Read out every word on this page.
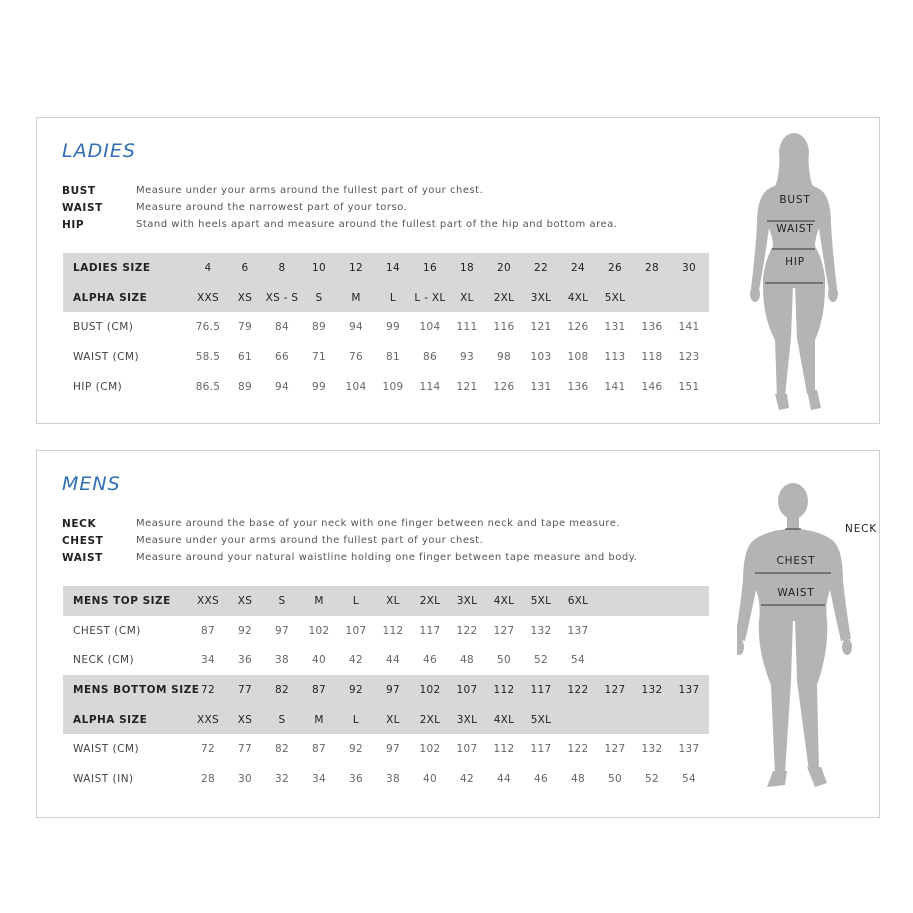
LADIES
BUST	Measure under your arms around the fullest part of your chest.
WAIST	Measure around the narrowest part of your torso.
HIP	Stand with heels apart and measure around the fullest part of the hip and bottom area.
LADIES SIZE	4	6	8	10	12	14	16	18	20	22	24	26	28	30
ALPHA SIZE	XXS	XS	XS - S	S	M	L	L - XL	XL	2XL	3XL	4XL	5XL
BUST (CM)	76.5	79	84	89	94	99	104	111	116	121	126	131	136	141
WAIST (CM)	58.5	61	66	71	76	81	86	93	98	103	108	113	118	123
HIP (CM)	86.5	89	94	99	104	109	114	121	126	131	136	141	146	151
BUST
WAIST
HIP
MENS
NECK	Measure around the base of your neck with one finger between neck and tape measure.
CHEST	Measure under your arms around the fullest part of your chest.
WAIST	Measure around your natural waistline holding one finger between tape measure and body.
MENS TOP SIZE	XXS	XS	S	M	L	XL	2XL	3XL	4XL	5XL	6XL
CHEST (CM)	87	92	97	102	107	112	117	122	127	132	137
NECK (CM)	34	36	38	40	42	44	46	48	50	52	54
MENS BOTTOM SIZE 72	77	82	87	92	97	102	107	112	117	122	127	132	137
ALPHA SIZE	XXS	XS	S	M	L	XL	2XL	3XL	4XL	5XL
WAIST (CM)	72	77	82	87	92	97	102	107	112	117	122	127	132	137
WAIST (IN)	28	30	32	34	36	38	40	42	44	46	48	50	52	54
NECK
CHEST
WAIST
